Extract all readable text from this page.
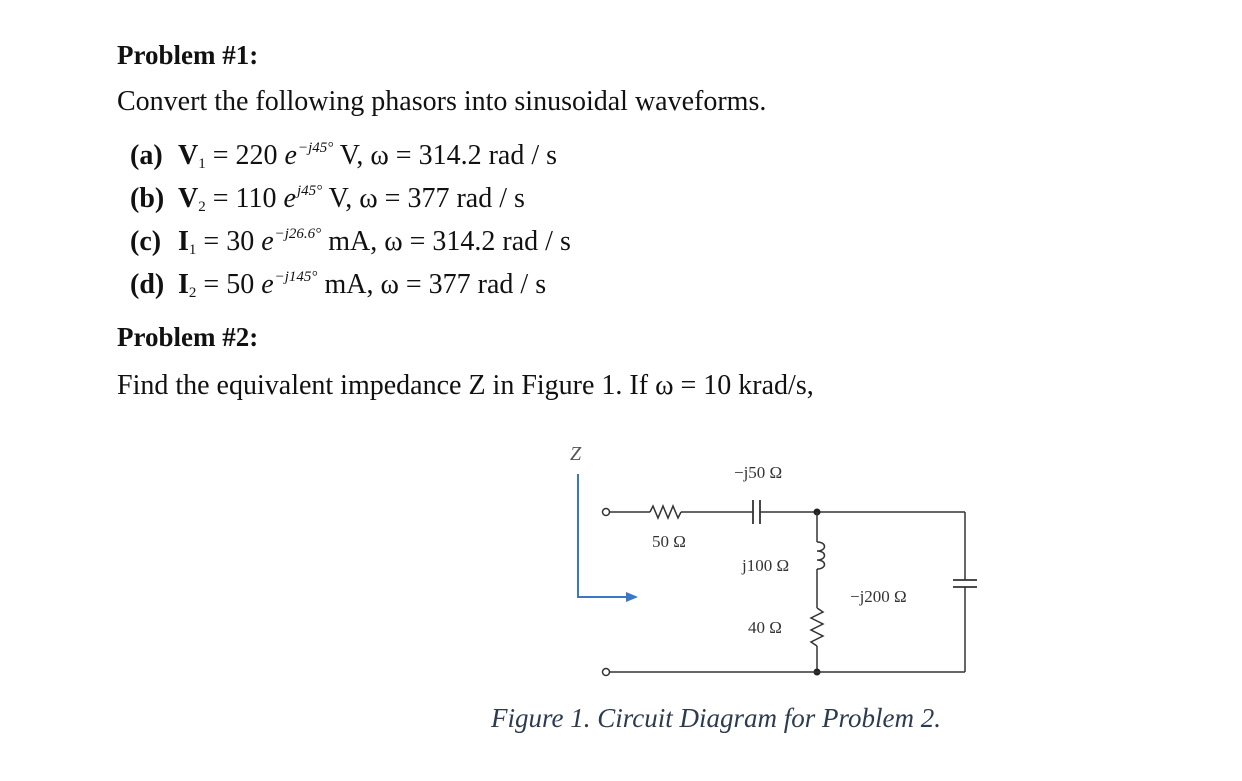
Problem #1:
Convert the following phasors into sinusoidal waveforms.
(a) $V_1 = 220$ $e^{-j45^\circ}$ V, ω = 314.2 rad / s
(b) $V_2 = 110$ $e^{j45^\circ}$ V, ω = 377 rad / s
(c) $I_1 = 30$ $e^{-j26.6^\circ}$ mA, ω = 314.2 rad / s
(d) $I_2 = 50$ $e^{-j145^\circ}$ mA, ω = 377 rad / s
Problem #2:
Find the equivalent impedance Z in Figure 1. If ω = 10 krad/s,
Z
−j50 Ω
50 Ω
j100 Ω
−j200 Ω
40 Ω
Figure 1. Circuit Diagram for Problem 2.
